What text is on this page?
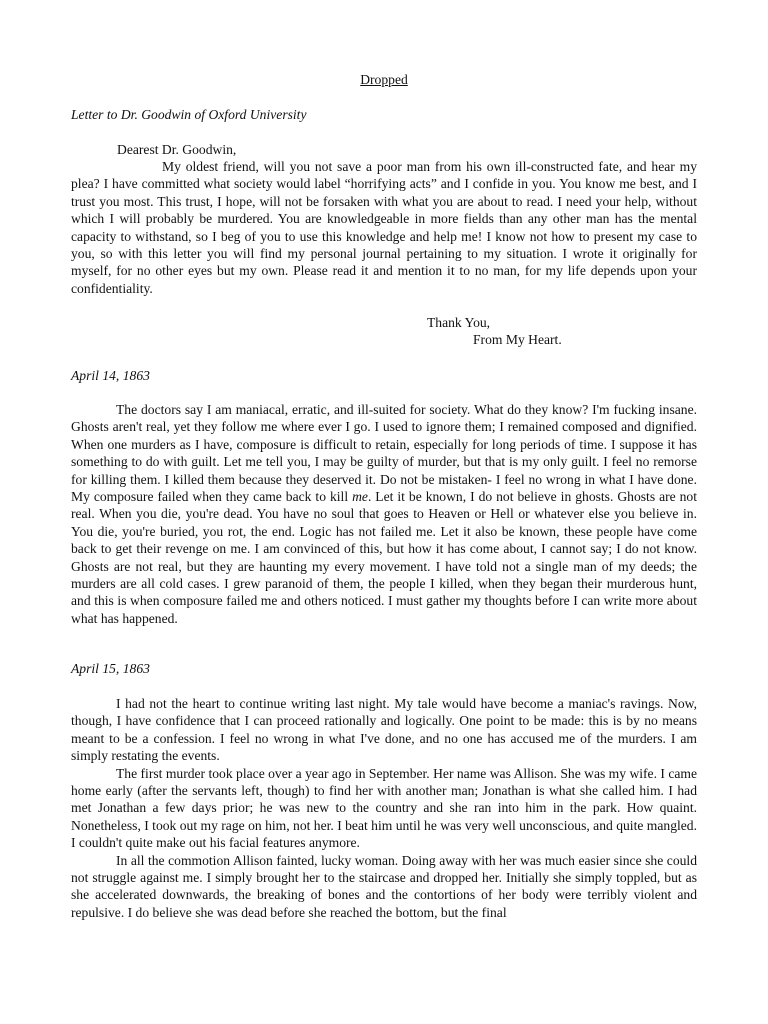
Dropped

Letter to Dr. Goodwin of Oxford University

Dearest Dr. Goodwin,

My oldest friend, will you not save a poor man from his own ill-constructed fate, and hear my plea? I have committed what society would label “horrifying acts” and I confide in you. You know me best, and I trust you most. This trust, I hope, will not be forsaken with what you are about to read. I need your help, without which I will probably be murdered. You are knowledgeable in more fields than any other man has the mental capacity to withstand, so I beg of you to use this knowledge and help me! I know not how to present my case to you, so with this letter you will find my personal journal pertaining to my situation. I wrote it originally for myself, for no other eyes but my own. Please read it and mention it to no man, for my life depends upon your confidentiality.

Thank You,

From My Heart.

April 14, 1863

The doctors say I am maniacal, erratic, and ill-suited for society. What do they know? I'm fucking insane. Ghosts aren't real, yet they follow me where ever I go. I used to ignore them; I remained composed and dignified. When one murders as I have, composure is difficult to retain, especially for long periods of time. I suppose it has something to do with guilt. Let me tell you, I may be guilty of murder, but that is my only guilt. I feel no remorse for killing them. I killed them because they deserved it. Do not be mistaken- I feel no wrong in what I have done. My composure failed when they came back to kill me. Let it be known, I do not believe in ghosts. Ghosts are not real. When you die, you're dead. You have no soul that goes to Heaven or Hell or whatever else you believe in. You die, you're buried, you rot, the end. Logic has not failed me. Let it also be known, these people have come back to get their revenge on me. I am convinced of this, but how it has come about, I cannot say; I do not know. Ghosts are not real, but they are haunting my every movement. I have told not a single man of my deeds; the murders are all cold cases. I grew paranoid of them, the people I killed, when they began their murderous hunt, and this is when composure failed me and others noticed. I must gather my thoughts before I can write more about what has happened.

April 15, 1863

I had not the heart to continue writing last night. My tale would have become a maniac's ravings. Now, though, I have confidence that I can proceed rationally and logically. One point to be made: this is by no means meant to be a confession. I feel no wrong in what I've done, and no one has accused me of the murders. I am simply restating the events.

The first murder took place over a year ago in September. Her name was Allison. She was my wife. I came home early (after the servants left, though) to find her with another man; Jonathan is what she called him. I had met Jonathan a few days prior; he was new to the country and she ran into him in the park. How quaint. Nonetheless, I took out my rage on him, not her. I beat him until he was very well unconscious, and quite mangled. I couldn't quite make out his facial features anymore.

In all the commotion Allison fainted, lucky woman. Doing away with her was much easier since she could not struggle against me. I simply brought her to the staircase and dropped her. Initially she simply toppled, but as she accelerated downwards, the breaking of bones and the contortions of her body were terribly violent and repulsive. I do believe she was dead before she reached the bottom, but the final
